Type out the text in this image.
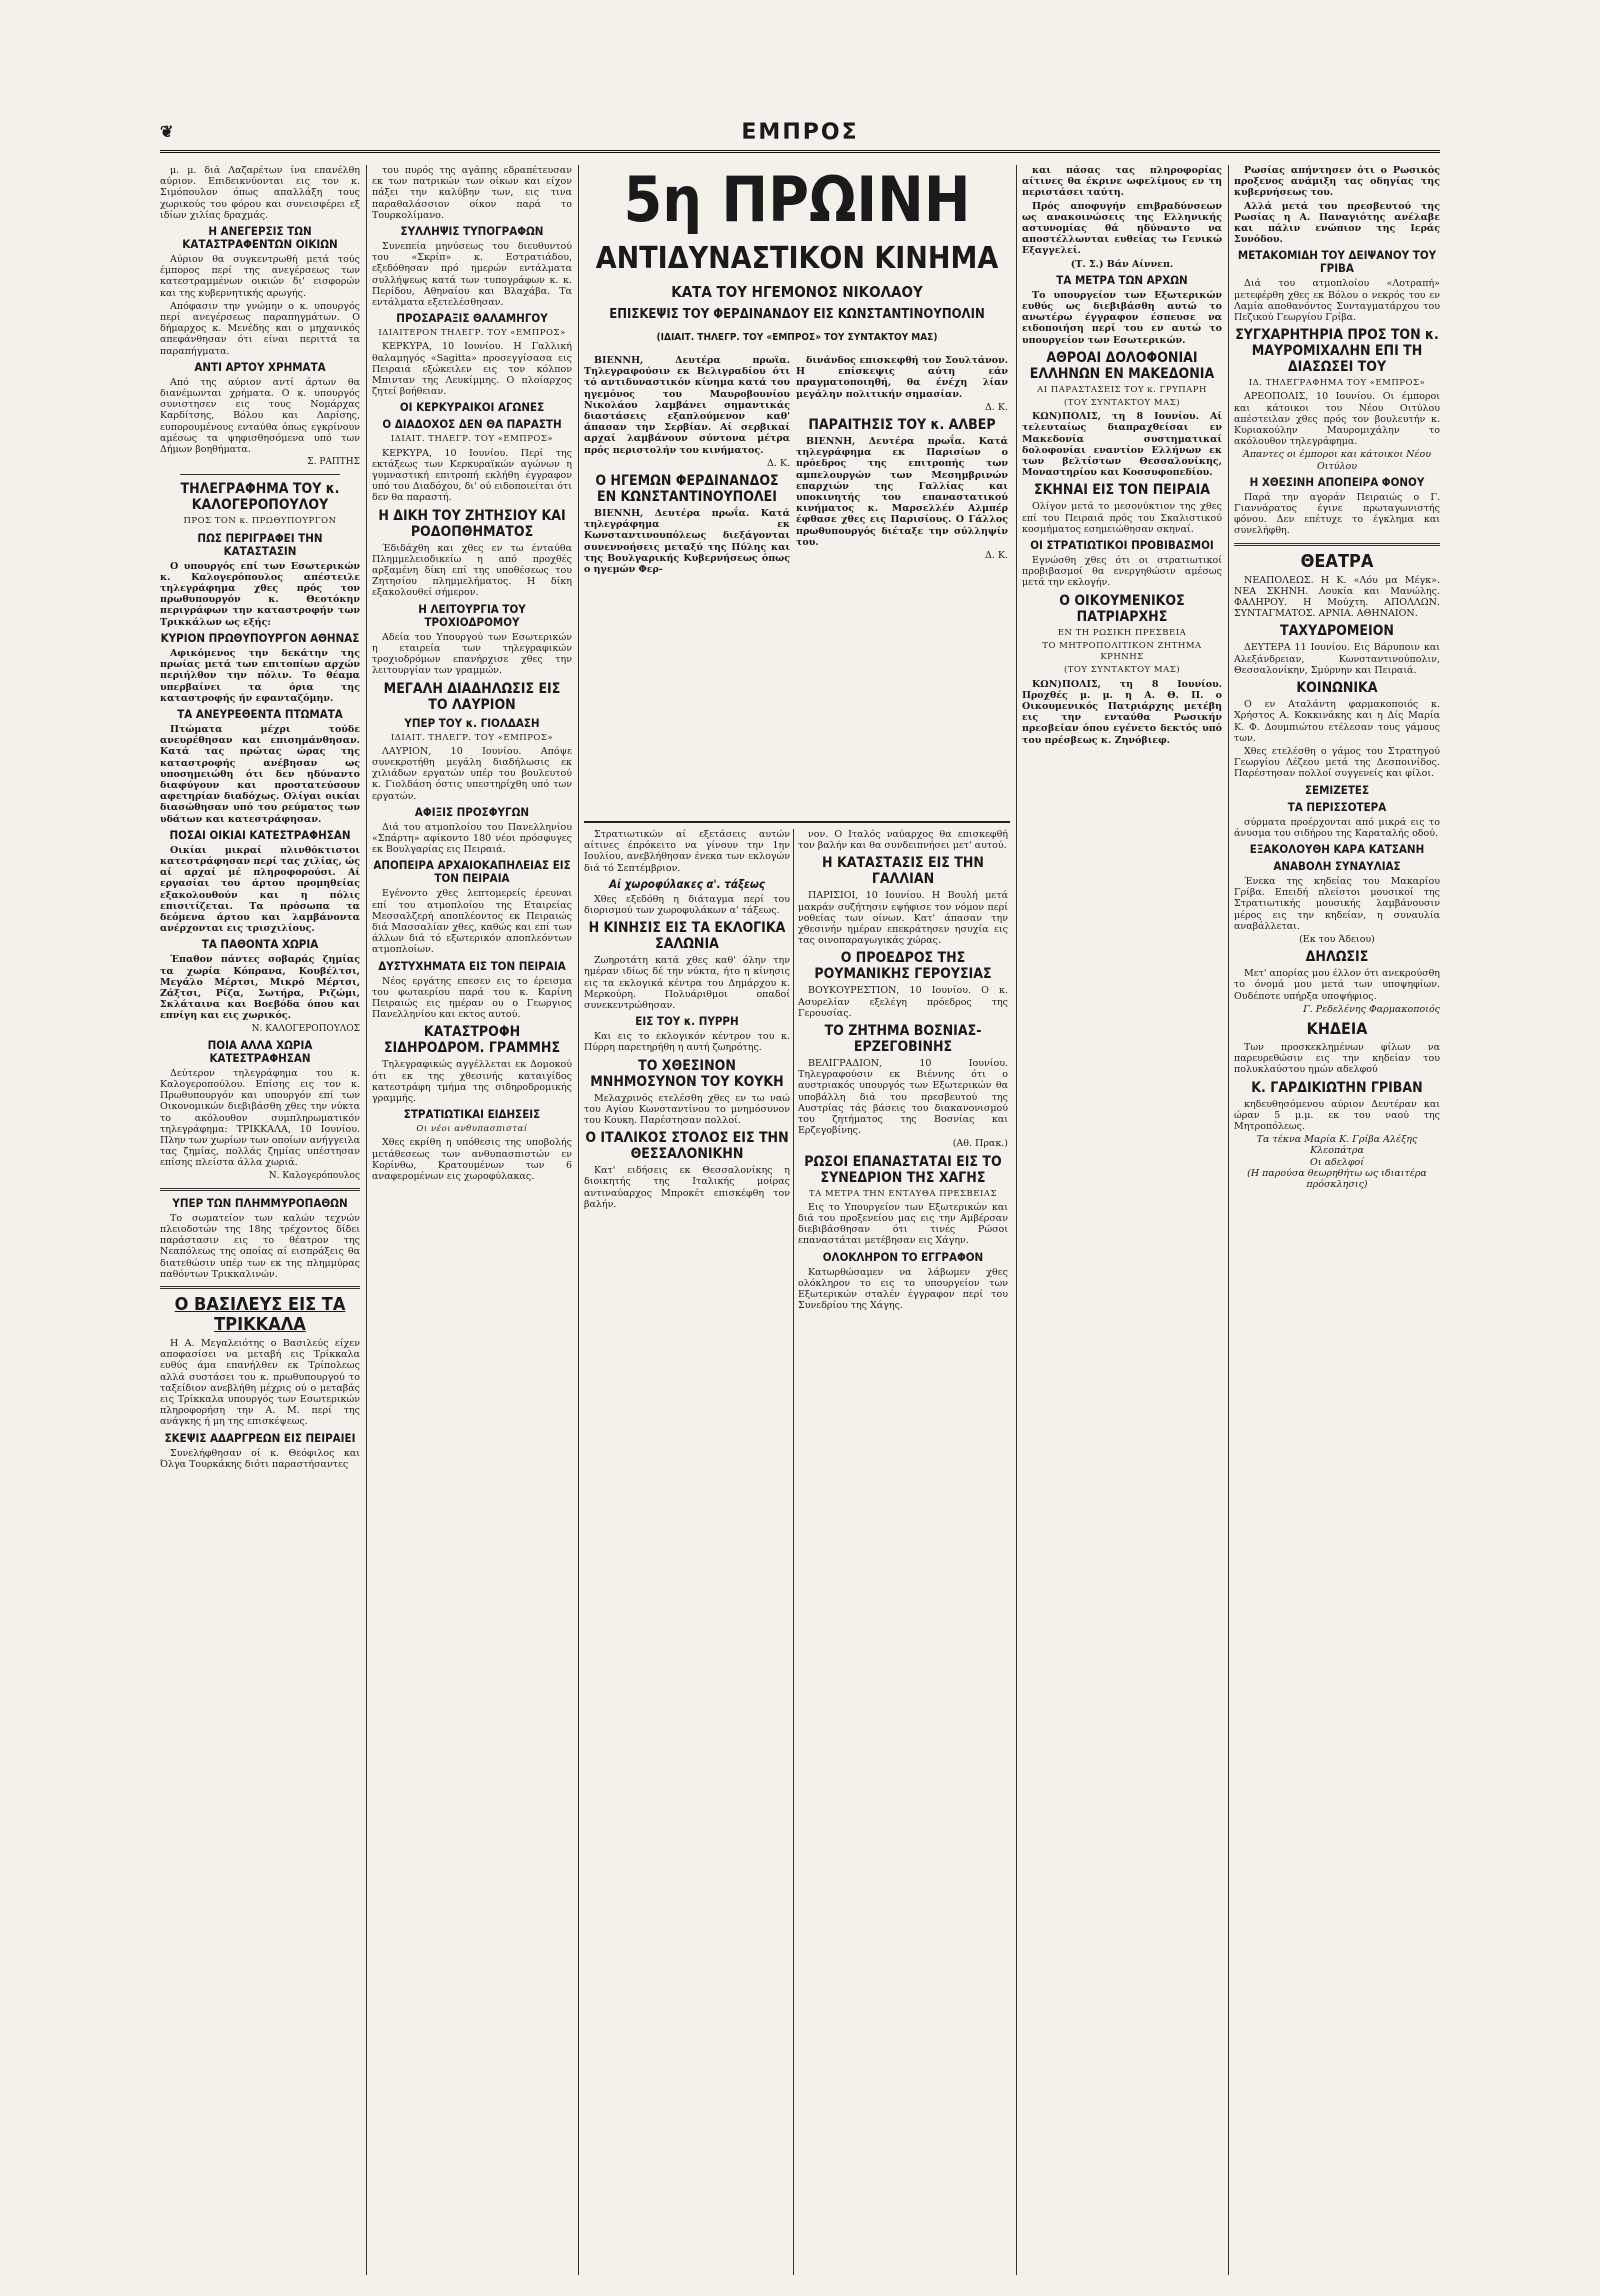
❦	ΕΜΠΡΟΣ

μ. μ. διά Λαζαρέτων ίνα επανέλθη αύριον. Επιδεικνύονται εις τον κ. Σιμόπουλον όπως απαλλάξη τους χωρικούς του φόρου και συνεισφέρει εξ ιδίων χιλίας δραχμάς.

Η ΑΝΕΓΕΡΣΙΣ ΤΩΝ ΚΑΤΑΣΤΡΑΦΕΝΤΩΝ ΟΙΚΙΩΝ

Αύριον θα συγκεντρωθή μετά τούς έμπορος περί της ανεγέρσεως των κατεστραμμένων οικιών δι' εισφορών και της κυβερνητικής αρωγής.

Απόφασιν την γνώμην ο κ. υπουργός περί ανεγέρσεως παραπηγμάτων. Ο δήμαρχος κ. Μενέδης και ο μηχανικός απεφάνθησαν ότι είναι περιττά τα παραπήγματα.

ΑΝΤΙ ΑΡΤΟΥ ΧΡΗΜΑΤΑ

Από της αύριον αντί άρτων θα διανέμωνται χρήματα. Ο κ. υπουργός συνιστησεν εις τους Νομάρχας Καρδίτσης, Βόλου και Λαρίσης, ευπορουμένους ενταύθα όπως εγκρίνουν αμέσως τα ψηφισθησόμενα υπό των Δήμων βοηθήματα.

Σ. ΡΑΠΤΗΣ
ΤΗΛΕΓΡΑΦΗΜΑ ΤΟΥ κ. ΚΑΛΟΓΕΡΟΠΟΥΛΟΥ
ΠΡΟΣ ΤΟΝ κ. ΠΡΩΘΥΠΟΥΡΓΟΝ
ΠΩΣ ΠΕΡΙΓΡΑΦΕΙ ΤΗΝ ΚΑΤΑΣΤΑΣΙΝ

Ο υπουργός επί των Εσωτερικών κ. Καλογερόπουλος απέστειλε τηλεγράφημα χθες πρός τον πρωθυπουργόν κ. Θεοτόκην περιγράφων την καταστροφήν των Τρικκάλων ως εξής:

ΚΥΡΙΟΝ ΠΡΩΘΥΠΟΥΡΓΟΝ ΑΘΗΝΑΣ

Αφικόμενος την δεκάτην της πρωίας μετά των επιτοπίων αρχών περιήλθον την πόλιν. Το θέαμα υπερβαίνει τα όρια της καταστροφής ήν εφανταζόμην.

ΤΑ ΑΝΕΥΡΕΘΕΝΤΑ ΠΤΩΜΑΤΑ

Πτώματα μέχρι τούδε ανευρέθησαν και επισημάνθησαν. Κατά τας πρώτας ώρας της καταστροφής ανέβησαν ως υποσημειώθη ότι δεν ηδύναντο διαφύγουν και προστατεύσουν αφετηρίαν διαδόχως. Ολίγαι οικίαι διασώθησαν υπό του ρεύματος των υδάτων και κατεστράφησαν.

ΠΟΣΑΙ ΟΙΚΙΑΙ ΚΑΤΕΣΤΡΑΦΗΣΑΝ

Οικίαι μικραί πλινθόκτιστοι κατεστράφησαν περί τας χιλίας, ώς αί αρχαί μέ πληροφορούσι. Αί εργασίαι του άρτου προμηθείας εξακολουθούν και η πόλις επισιτίζεται. Τα πρόσωπα τα δεόμενα άρτου και λαμβάνοντα ανέρχονται εις τρισχιλίους.

ΤΑ ΠΑΘΟΝΤΑ ΧΩΡΙΑ

Έπαθον πάντες σοβαράς ζημίας τα χωρία Κόπρανα, Κουβέλτσι, Μεγάλο Μέρτσι, Μικρό Μέρτσι, Ζάξτσι, Ρίζα, Σωτήρα, Ριζώμι, Σκλάταινα και Βοεβόδα όπου και επνίγη και εις χωρικός.

Ν. ΚΑΛΟΓΕΡΟΠΟΥΛΟΣ
ΠΟΙΑ ΑΛΛΑ ΧΩΡΙΑ ΚΑΤΕΣΤΡΑΦΗΣΑΝ

Δεύτερον τηλεγράφημα του κ. Καλογεροπούλου. Επίσης εις τον κ. Πρωθυπουργόν και υπουργόν επί των Οικονομικών διεβιβάσθη χθες την νύκτα το ακόλουθον συμπληρωματικόν τηλεγράφημα: ΤΡΙΚΚΑΛΑ, 10 Ιουνίου. Πλην των χωρίων των οποίων ανήγγειλα τας ζημίας, πολλάς ζημίας υπέστησαν επίσης πλείστα άλλα χωριά.

Ν. Καλογερόπουλος
ΥΠΕΡ ΤΩΝ ΠΛΗΜΜΥΡΟΠΑΘΩΝ

Το σωματείον των καλών τεχνών πλειοδοτών της 18ης τρέχοντος δίδει παράστασιν εις το θέατρον της Νεαπόλεως της οποίας αί εισπράξεις θα διατεθώσιν υπέρ των εκ της πλημμύρας παθόντων Τρικκαλινών.

Ο ΒΑΣΙΛΕΥΣ ΕΙΣ ΤΑ ΤΡΙΚΚΑΛΑ

Η Α. Μεγαλειότης ο Βασιλεύς είχεν αποφασίσει να μεταβή εις Τρίκκαλα ευθύς άμα επανήλθεν εκ Τρίπολεως αλλά συστάσει του κ. πρωθυπουργού το ταξείδιον ανεβλήθη μέχρις ού ο μεταβάς εις Τρίκκαλα υπουργός των Εσωτερικών πληροφορήση την Α. Μ. περί της ανάγκης ή μη της επισκέψεως.

ΣΚΕΨΙΣ ΑΔΑΡΓΡΕΩΝ ΕΙΣ ΠΕΙΡΑΙΕΙ

Συνελήφθησαν οί κ. Θεόφιλος και Όλγα Τουρκάκης διότι παραστήσαντες

του πυρός της αγάπης εδραπέτευσαν εκ των πατρικών των οίκων και είχον πάξει την καλύβην των, εις τινα παραθαλάσσιον οίκον παρά το Τουρκολίμανο.

ΣΥΛΛΗΨΙΣ ΤΥΠΟΓΡΑΦΩΝ

Συνεπεία μηνύσεως του διευθυντού του «Σκρίπ» κ. Εστρατιάδου, εξεδόθησαν πρό ημερών εντάλματα συλλήψεως κατά των τυπογράφων κ. κ. Περίδου, Αθηναίου και Βλαχάβα. Τα εντάλματα εξετελέσθησαν.

ΠΡΟΣΑΡΑΞΙΣ ΘΑΛΑΜΗΓΟΥ
ΙΔΙΑΙΤΕΡΟΝ ΤΗΛΕΓΡ. ΤΟΥ «ΕΜΠΡΟΣ»

ΚΕΡΚΥΡΑ, 10 Ιουνίου. Η Γαλλική θαλαμηγός «Sagitta» προσεγγίσασα εις Πειραιά εξώκειλεν εις τον κόλπον Μπινταν της Λευκίμμης. Ο πλοίαρχος ζητεί βοήθειαν.

ΟΙ ΚΕΡΚΥΡΑΙΚΟΙ ΑΓΩΝΕΣ
Ο ΔΙΑΔΟΧΟΣ ΔΕΝ ΘΑ ΠΑΡΑΣΤΗ
ΙΔΙΑΙΤ. ΤΗΛΕΓΡ. ΤΟΥ «ΕΜΠΡΟΣ»

ΚΕΡΚΥΡΑ, 10 Ιουνίου. Περί της εκτάξεως των Κερκυραϊκών αγώνων η γυμναστική επιτροπή εκλήθη έγγραφον υπό του Διαδόχου, δι' ού ειδοποιείται ότι δεν θα παραστή.

Η ΔΙΚΗ ΤΟΥ ΖΗΤΗΣΙΟΥ ΚΑΙ ΡΟΔΟΠΘΗΜΑΤΟΣ

Έδιδάχθη και χθες εν τω ένταύθα Πλημμελειοδικείω η από προχθές αρξαμένη δίκη επί της υποθέσεως του Ζητησίου πλημμελήματος. Η δίκη εξακολουθεί σήμερον.

Η ΛΕΙΤΟΥΡΓΙΑ ΤΟΥ ΤΡΟΧΙΟΔΡΟΜΟΥ

Αδεία του Υπουργού των Εσωτερικών η εταιρεία των τηλεγραφικών τροχιοδρόμων επανήρχισε χθες την λειτουργίαν των γραμμών.

ΜΕΓΑΛΗ ΔΙΑΔΗΛΩΣΙΣ ΕΙΣ ΤΟ ΛΑΥΡΙΟΝ
ΥΠΕΡ ΤΟΥ κ. ΓΙΟΛΔΑΣΗ
ΙΔΙΑΙΤ. ΤΗΛΕΓΡ. ΤΟΥ «ΕΜΠΡΟΣ»

ΛΑΥΡΙΟΝ, 10 Ιουνίου. Απόψε συνεκροτήθη μεγάλη διαδήλωσις εκ χιλιάδων εργατών υπέρ του βουλευτού κ. Γιολδάση όστις υπεστηρίχθη υπό των εργατών.

ΑΦΙΞΙΣ ΠΡΟΣΦΥΓΩΝ

Διά του ατμοπλοίου του Πανελληνίου «Σπάρτη» αφίκοντο 180 νέοι πρόσφυγες εκ Βουλγαρίας εις Πειραιά.

ΑΠΟΠΕΙΡΑ ΑΡΧΑΙΟΚΑΠΗΛΕΙΑΣ ΕΙΣ ΤΟΝ ΠΕΙΡΑΙΑ

Εγένοντο χθες λεπτομερείς έρευναι επί του ατμοπλοίου της Εταιρείας Μεσσαλζερή αποπλέοντος εκ Πειραιώς διά Μασσαλίαν χθες, καθώς και επί των άλλων διά τό εξωτερικόν αποπλεόντων ατμοπλοίων.

ΔΥΣΤΥΧΗΜΑΤΑ ΕΙΣ ΤΟΝ ΠΕΙΡΑΙΑ

Νέος εργάτης επεσεν εις το έρεισμα του φωταερίου παρά του κ. Καρίνη Πειραιώς εις ημέραν ου ο Γεωργιος Πανελληνίου και εκτος αυτού.

ΚΑΤΑΣΤΡΟΦΗ ΣΙΔΗΡΟΔΡΟΜ. ΓΡΑΜΜΗΣ

Τηλεγραφικώς αγγέλλεται εκ Δομοκού ότι εκ της χθεσινής καταιγίδος κατεστράφη τμήμα της σιδηροδρομικής γραμμής.

ΣΤΡΑΤΙΩΤΙΚΑΙ ΕΙΔΗΣΕΙΣ
Οι νέοι ανθυπασπισταί

Χθες εκρίθη η υπόθεσις της υποβολής μετάθεσεως των ανθυπασπιστών εν Κορίνθω, Κρατουμένων των 6 αναφερομένων εις χωροφύλακας.

5η ΠΡΩΙΝΗ
ΑΝΤΙΔΥΝΑΣΤΙΚΟΝ ΚΙΝΗΜΑ
ΚΑΤΑ ΤΟΥ ΗΓΕΜΟΝΟΣ ΝΙΚΟΛΑΟΥ
ΕΠΙΣΚΕΨΙΣ ΤΟΥ ΦΕΡΔΙΝΑΝΔΟΥ ΕΙΣ ΚΩΝΣΤΑΝΤΙΝΟΥΠΟΛΙΝ
(ΙΔΙΑΙΤ. ΤΗΛΕΓΡ. ΤΟΥ «ΕΜΠΡΟΣ» ΤΟΥ ΣΥΝΤΑΚΤΟΥ ΜΑΣ)

ΒΙΕΝΝΗ, Δευτέρα πρωΐα. Τηλεγραφούσιν εκ Βελιγραδίου ότι τό αντιδυναστικόν κίνημα κατά του ηγεμόνος του Μαυροβουνίου Νικολάου λαμβάνει σημαντικάς διαστάσεις εξαπλούμενον καθ' άπασαν την Σερβίαν. Αί σερβικαί αρχαί λαμβάνουν σύντονα μέτρα πρός περιστολήν του κινήματος.

Δ. Κ.
Ο ΗΓΕΜΩΝ ΦΕΡΔΙΝΑΝΔΟΣ ΕΝ ΚΩΝΣΤΑΝΤΙΝΟΥΠΟΛΕΙ

ΒΙΕΝΝΗ, Δευτέρα πρωΐα. Κατά τηλεγράφημα εκ Κωνσταντινουπόλεως διεξάγονται συνεννοήσεις μεταξύ της Πύλης και της Βουλγαρικής Κυβερνήσεως όπως ο ηγεμών Φερ-

δινάνδος επισκεφθή τον Σουλτάνον. Η επίσκεψις αύτη εάν πραγματοποιηθή, θα ένέχη λίαν μεγάλην πολιτικήν σημασίαν.

Δ. Κ.
ΠΑΡΑΙΤΗΣΙΣ ΤΟΥ κ. ΑΛΒΕΡ

ΒΙΕΝΝΗ, Δευτέρα πρωΐα. Κατά τηλεγράφημα εκ Παρισίων ο πρόεδρος της επιτροπής των αμπελουργών των Μεσημβρινών επαρχιών της Γαλλίας και υποκινητής του επαναστατικού κινήματος κ. Μαρσελλέν Αλμπέρ έφθασε χθες εις Παρισίους. Ο Γάλλος πρωθυπουργός διέταξε την σύλληψίν του.

Δ. Κ.

Στρατιωτικών αί εξετάσεις αυτών αίτινες έπρόκειτο να γίνουν την 1ην Ιουλίου, ανεβλήθησαν ένεκα των εκλογών διά τό Σεπτέμβριον.

Αί χωροφύλακες α'. τάξεως

Χθες εξεδόθη η διάταγμα περί του διορισμού των χωροφυλάκων α' τάξεως.

Η ΚΙΝΗΣΙΣ ΕΙΣ ΤΑ ΕΚΛΟΓΙΚΑ ΣΑΛΩΝΙΑ

Ζωηροτάτη κατά χθες καθ' όλην την ημέραν ιδίως δέ την νύκτα, ήτο η κίνησις εις τα εκλογικά κέντρα του Δημάρχου κ. Μερκούρη. Πολυάριθμοι οπαδοί συνεκεντρώθησαν.

ΕΙΣ ΤΟΥ κ. ΠΥΡΡΗ

Και εις το εκλογικόν κέντρον του κ. Πύρρη παρετηρήθη η αυτή ζωηρότης.

ΤΟ ΧΘΕΣΙΝΟΝ ΜΝΗΜΟΣΥΝΟΝ ΤΟΥ ΚΟΥΚΗ

Μελαχρινός ετελέσθη χθες εν τω ναώ του Αγίου Κωνσταντίνου το μνημόσυνον του Κουκη. Παρέστησαν πολλοί.

Ο ΙΤΑΛΙΚΟΣ ΣΤΟΛΟΣ ΕΙΣ ΤΗΝ ΘΕΣΣΑΛΟΝΙΚΗΝ

Κατ' ειδήσεις εκ Θεσσαλονίκης η διοικητής της Ιταλικής μοίρας αντιναύαρχος Μπροκέτ επισκέφθη τον βαλήν.

νον. Ο Ιταλός ναύαρχος θα επισκεφθή τον βαλήν και θα συνδειπνήσει μετ' αυτού.

Η ΚΑΤΑΣΤΑΣΙΣ ΕΙΣ ΤΗΝ ΓΑΛΛΙΑΝ

ΠΑΡΙΣΙΟΙ, 10 Ιουνίου. Η Βουλή μετά μακράν συζήτησιν εψήφισε τον νόμον περί νοθείας των οίνων. Κατ' άπασαν την χθεσινήν ημέραν επεκράτησεν ησυχία εις τας οινοπαραγωγικάς χώρας.

Ο ΠΡΟΕΔΡΟΣ ΤΗΣ ΡΟΥΜΑΝΙΚΗΣ ΓΕΡΟΥΣΙΑΣ

ΒΟΥΚΟΥΡΕΣΤΙΟΝ, 10 Ιουνίου. Ο κ. Ασυρελίαν εξελέγη πρόεδρος της Γερουσίας.

ΤΟ ΖΗΤΗΜΑ ΒΟΣΝΙΑΣ-ΕΡΖΕΓΟΒΙΝΗΣ

ΒΕΛΙΓΡΑΔΙΟΝ, 10 Ιουνίου. Τηλεγραφούσιν εκ Βιέννης ότι ο αυστριακός υπουργός των Εξωτερικών θα υποβάλλη διά του πρεσβευτού της Αυστρίας τάς βάσεις του διακανονισμού του ζητήματος της Βοσνίας και Ερζεγοβίνης.

(Αθ. Πρακ.)
ΡΩΣΟΙ ΕΠΑΝΑΣΤΑΤΑΙ ΕΙΣ ΤΟ ΣΥΝΕΔΡΙΟΝ ΤΗΣ ΧΑΓΗΣ
ΤΑ ΜΕΤΡΑ ΤΗΝ ΕΝΤΑΥΘΑ ΠΡΕΣΒΕΙΑΣ

Εις το Υπουργείον των Εξωτερικών και διά του προξενείου μας εις την Αμβέρσαν διεβιβάσθησαν ότι τινές Ρώσοι επαναστάται μετέβησαν εις Χάγην.

ΟΛΟΚΛΗΡΟΝ ΤΟ ΕΓΓΡΑΦΟΝ

Κατωρθώσαμεν να λάβωμεν χθες ολόκληρον το εις το υπουργείον των Εξωτερικών σταλέν έγγραφον περί του Συνεδρίου της Χάγης.

και πάσας τας πληροφορίας αίτινες θα έκρινε ωφελίμους εν τη περιστάσει ταύτη.

Πρός αποφυγήν επιβραδύνσεων ως ανακοινώσεις της Ελληνικής αστυνομίας θά ηδύναντο να αποστέλλωνται ευθείας τω Γενικώ Εξαγγελεί.

(Τ. Σ.) Βάν Αίννεπ.
ΤΑ ΜΕΤΡΑ ΤΩΝ ΑΡΧΩΝ

Το υπουργείον των Εξωτερικών ευθύς ως διεβιβάσθη αυτώ το ανωτέρω έγγραφον έσπευσε να ειδοποιήση περί του εν αυτώ το υπουργείον των Εσωτερικών.

ΑΘΡΟΑΙ ΔΟΛΟΦΟΝΙΑΙ ΕΛΛΗΝΩΝ ΕΝ ΜΑΚΕΔΟΝΙΑ
ΑΙ ΠΑΡΑΣΤΑΣΕΙΣ ΤΟΥ κ. ΓΡΥΠΑΡΗ
(ΤΟΥ ΣΥΝΤΑΚΤΟΥ ΜΑΣ)

ΚΩΝ)ΠΟΛΙΣ, τη 8 Ιουνίου. Αί τελευταίως διαπραχθείσαι εν Μακεδονία συστηματικαί δολοφονίαι εναντίον Ελλήνων εκ των βελτίστων Θεσσαλονίκης, Μοναστηρίου και Κοσσυφοπεδίου.

ΣΚΗΝΑΙ ΕΙΣ ΤΟΝ ΠΕΙΡΑΙΑ

Ολίγον μετά το μεσονύκτιον της χθες επί του Πειραιά πρός του Σκαλιστικού κοσμήματος εσημειώθησαν σκηναί.

ΟΙ ΣΤΡΑΤΙΩΤΙΚΟΙ ΠΡΟΒΙΒΑΣΜΟΙ

Εγνώσθη χθες ότι οι στρατιωτικοί προβιβασμοί θα ενεργηθώσιν αμέσως μετά την εκλογήν.

Ο ΟΙΚΟΥΜΕΝΙΚΟΣ ΠΑΤΡΙΑΡΧΗΣ
ΕΝ ΤΗ ΡΩΣΙΚΗ ΠΡΕΣΒΕΙΑ
ΤΟ ΜΗΤΡΟΠΟΛΙΤΙΚΟΝ ΖΗΤΗΜΑ ΚΡΗΝΗΣ
(ΤΟΥ ΣΥΝΤΑΚΤΟΥ ΜΑΣ)

ΚΩΝ)ΠΟΛΙΣ, τη 8 Ιουνίου. Προχθές μ. μ. η Α. Θ. Π. ο Οικουμενικός Πατριάρχης μετέβη εις την ενταύθα Ρωσικήν πρεσβείαν όπου εγένετο δεκτός υπό του πρέσβεως κ. Ζηνόβιεφ.

Ρωσίας απήντησεν ότι ο Ρωσικός προξενος ανάμιξη τας οδηγίας της κυβερνήσεως του.

Αλλά μετά του πρεσβευτού της Ρωσίας η Α. Παναγιότης ανέλαβε και πάλιν ενώπιον της Ιεράς Συνόδου.

ΜΕΤΑΚΟΜΙΔΗ ΤΟΥ ΔΕΙΨΑΝΟΥ ΤΟΥ ΓΡΙΒΑ

Διά του ατμοπλοίου «Λοτραπή» μετεφέρθη χθες εκ Βόλου ο νεκρός του εν Λαμία αποθανόντος Συνταγματάρχου του Πεζικού Γεωργίου Γρίβα.

ΣΥΓΧΑΡΗΤΗΡΙΑ ΠΡΟΣ ΤΟΝ κ. ΜΑΥΡΟΜΙΧΑΛΗΝ ΕΠΙ ΤΗ ΔΙΑΣΩΣΕΙ ΤΟΥ
ΙΔ. ΤΗΛΕΓΡΑΦΗΜΑ ΤΟΥ «ΕΜΠΡΟΣ»

ΑΡΕΟΠΟΛΙΣ, 10 Ιουνίου. Οι έμποροι και κάτοικοι του Νέου Οιτύλου απέστειλαν χθες πρός τον βουλευτήν κ. Κυριακούλην Μαυρομιχάλην το ακόλουθον τηλεγράφημα.

Άπαντες οι έμποροι και κάτοικοι Νέου Οιτύλου
Η ΧΘΕΣΙΝΗ ΑΠΟΠΕΙΡΑ ΦΟΝΟΥ

Παρά την αγοράν Πειραιώς ο Γ. Γιαννάρατος έγινε πρωταγωνιστής φόνου. Δεν επέτυχε το έγκλημα και συνελήφθη.

ΘΕΑΤΡΑ

ΝΕΑΠΟΛΕΩΣ. Η Κ. «Λόυ μα Μέγκ». ΝΕΑ ΣΚΗΝΗ. Λουκία και Μανώλης. ΦΑΛΗΡΟΥ. Η Μούχτη. ΑΠΟΛΛΩΝ. ΣΥΝΤΑΓΜΑΤΟΣ. ΑΡΝΙΑ. ΑΘΗΝΑΙΟΝ.

ΤΑΧΥΔΡΟΜΕΙΟΝ

ΔΕΥΤΕΡΑ 11 Ιουνίου. Εις Βάρυποιν και Αλεξάνδρειαν, Κωνσταντινούπολιν, Θεσσαλονίκην, Σμύρνην και Πειραιά.

ΚΟΙΝΩΝΙΚΑ

Ο εν Αταλάντη φαρμακοποιός κ. Χρήστος Α. Κοκκινάκης και η Δίς Μαρία Κ. Φ. Δουμπιώτου ετέλεσαν τους γάμους των.

Χθες ετελέσθη ο γάμος του Στρατηγού Γεωργίου Λέζεου μετά της Δεσποινίδος. Παρέστησαν πολλοί συγγενείς και φίλοι.

ΣΕΜΙΖΕΤΕΣ
ΤΑ ΠΕΡΙΣΣΟΤΕΡΑ

σύρματα προέρχονται από μικρά εις το άνυσμα του σιδήρου της Καραταλής οδού.

ΕΞΑΚΟΛΟΥΘΗ ΚΑΡΑ ΚΑΤΣΑΝΗ
ΑΝΑΒΟΛΗ ΣΥΝΑΥΛΙΑΣ

Ένεκα της κηδείας του Μακαρίου Γρίβα. Επειδή πλείστοι μουσικοί της Στρατιωτικής μουσικής λαμβάνουσιν μέρος εις την κηδείαν, η συναυλία αναβάλλεται.

(Εκ του Άδειου)
ΔΗΛΩΣΙΣ

Μετ' απορίας μου έλλον ότι ανεκρούσθη το όνομά μου μετά των υποψηφίων. Ουδέποτε υπήρξα υποψήφιος.

Γ. Ρεδελένης Φαρμακοποιός
ΚΗΔΕΙΑ

Των προσκεκλημένων φίλων να παρευρεθώσιν εις την κηδείαν του πολυκλαύστου ημών αδελφού

Κ. ΓΑΡΔΙΚΙΩΤΗΝ ΓΡΙΒΑΝ

κηδευθησόμενου αύριον Δευτέραν και ώραν 5 μ.μ. εκ του ναού της Μητροπόλεως.

Τα τέκνα Μαρία Κ. Γρίβα Αλέξης Κλεοπάτρα
Οι αδελφοί
(Η παρούσα θεωρηθήτω ως ιδιαιτέρα πρόσκλησις)
